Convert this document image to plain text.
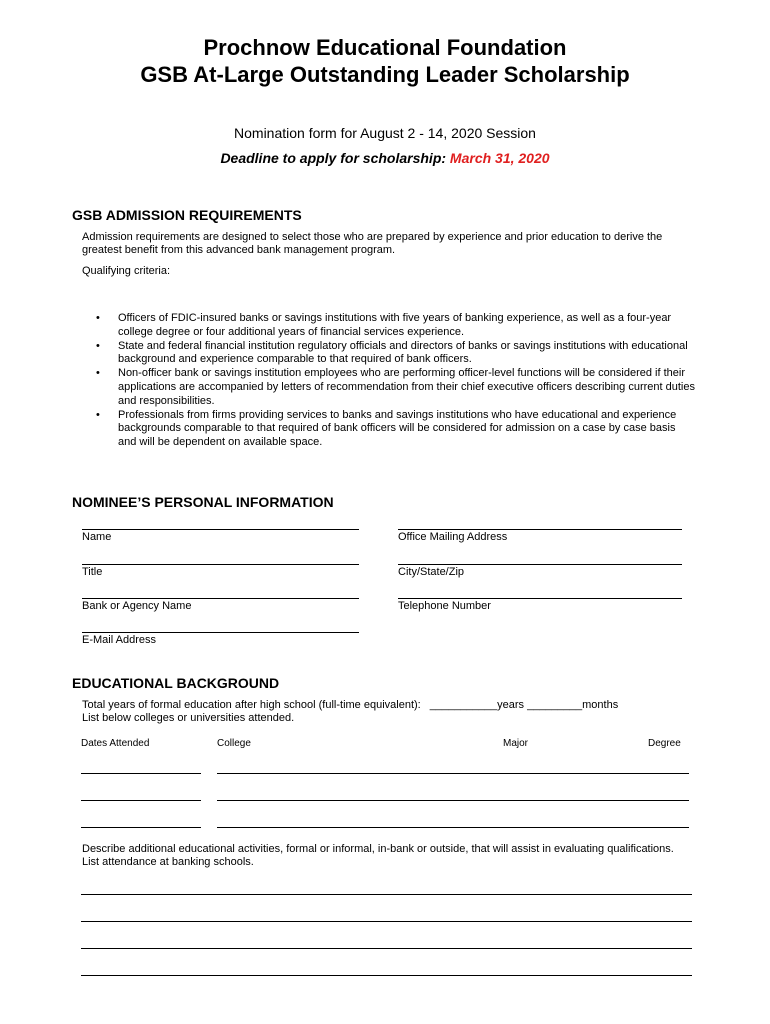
Prochnow Educational Foundation
GSB At-Large Outstanding Leader Scholarship
Nomination form for August 2 - 14, 2020 Session
Deadline to apply for scholarship: March 31, 2020
GSB ADMISSION REQUIREMENTS
Admission requirements are designed to select those who are prepared by experience and prior education to derive the
greatest benefit from this advanced bank management program.
Qualifying criteria:
• Officers of FDIC-insured banks or savings institutions with five years of banking experience, as well as a four-year college degree or four additional years of financial services experience.
• State and federal financial institution regulatory officials and directors of banks or savings institutions with educational background and experience comparable to that required of bank officers.
• Non-officer bank or savings institution employees who are performing officer-level functions will be considered if their applications are accompanied by letters of recommendation from their chief executive officers describing current duties and responsibilities.
• Professionals from firms providing services to banks and savings institutions who have educational and experience backgrounds comparable to that required of bank officers will be considered for admission on a case by case basis and will be dependent on available space.
NOMINEE’S PERSONAL INFORMATION
Name	Office Mailing Address
Title	City/State/Zip
Bank or Agency Name	Telephone Number
E-Mail Address
EDUCATIONAL BACKGROUND
Total years of formal education after high school (full-time equivalent): ___________years _________months
List below colleges or universities attended.
Dates Attended	College	Major	Degree
Describe additional educational activities, formal or informal, in-bank or outside, that will assist in evaluating qualifications.
List attendance at banking schools.
